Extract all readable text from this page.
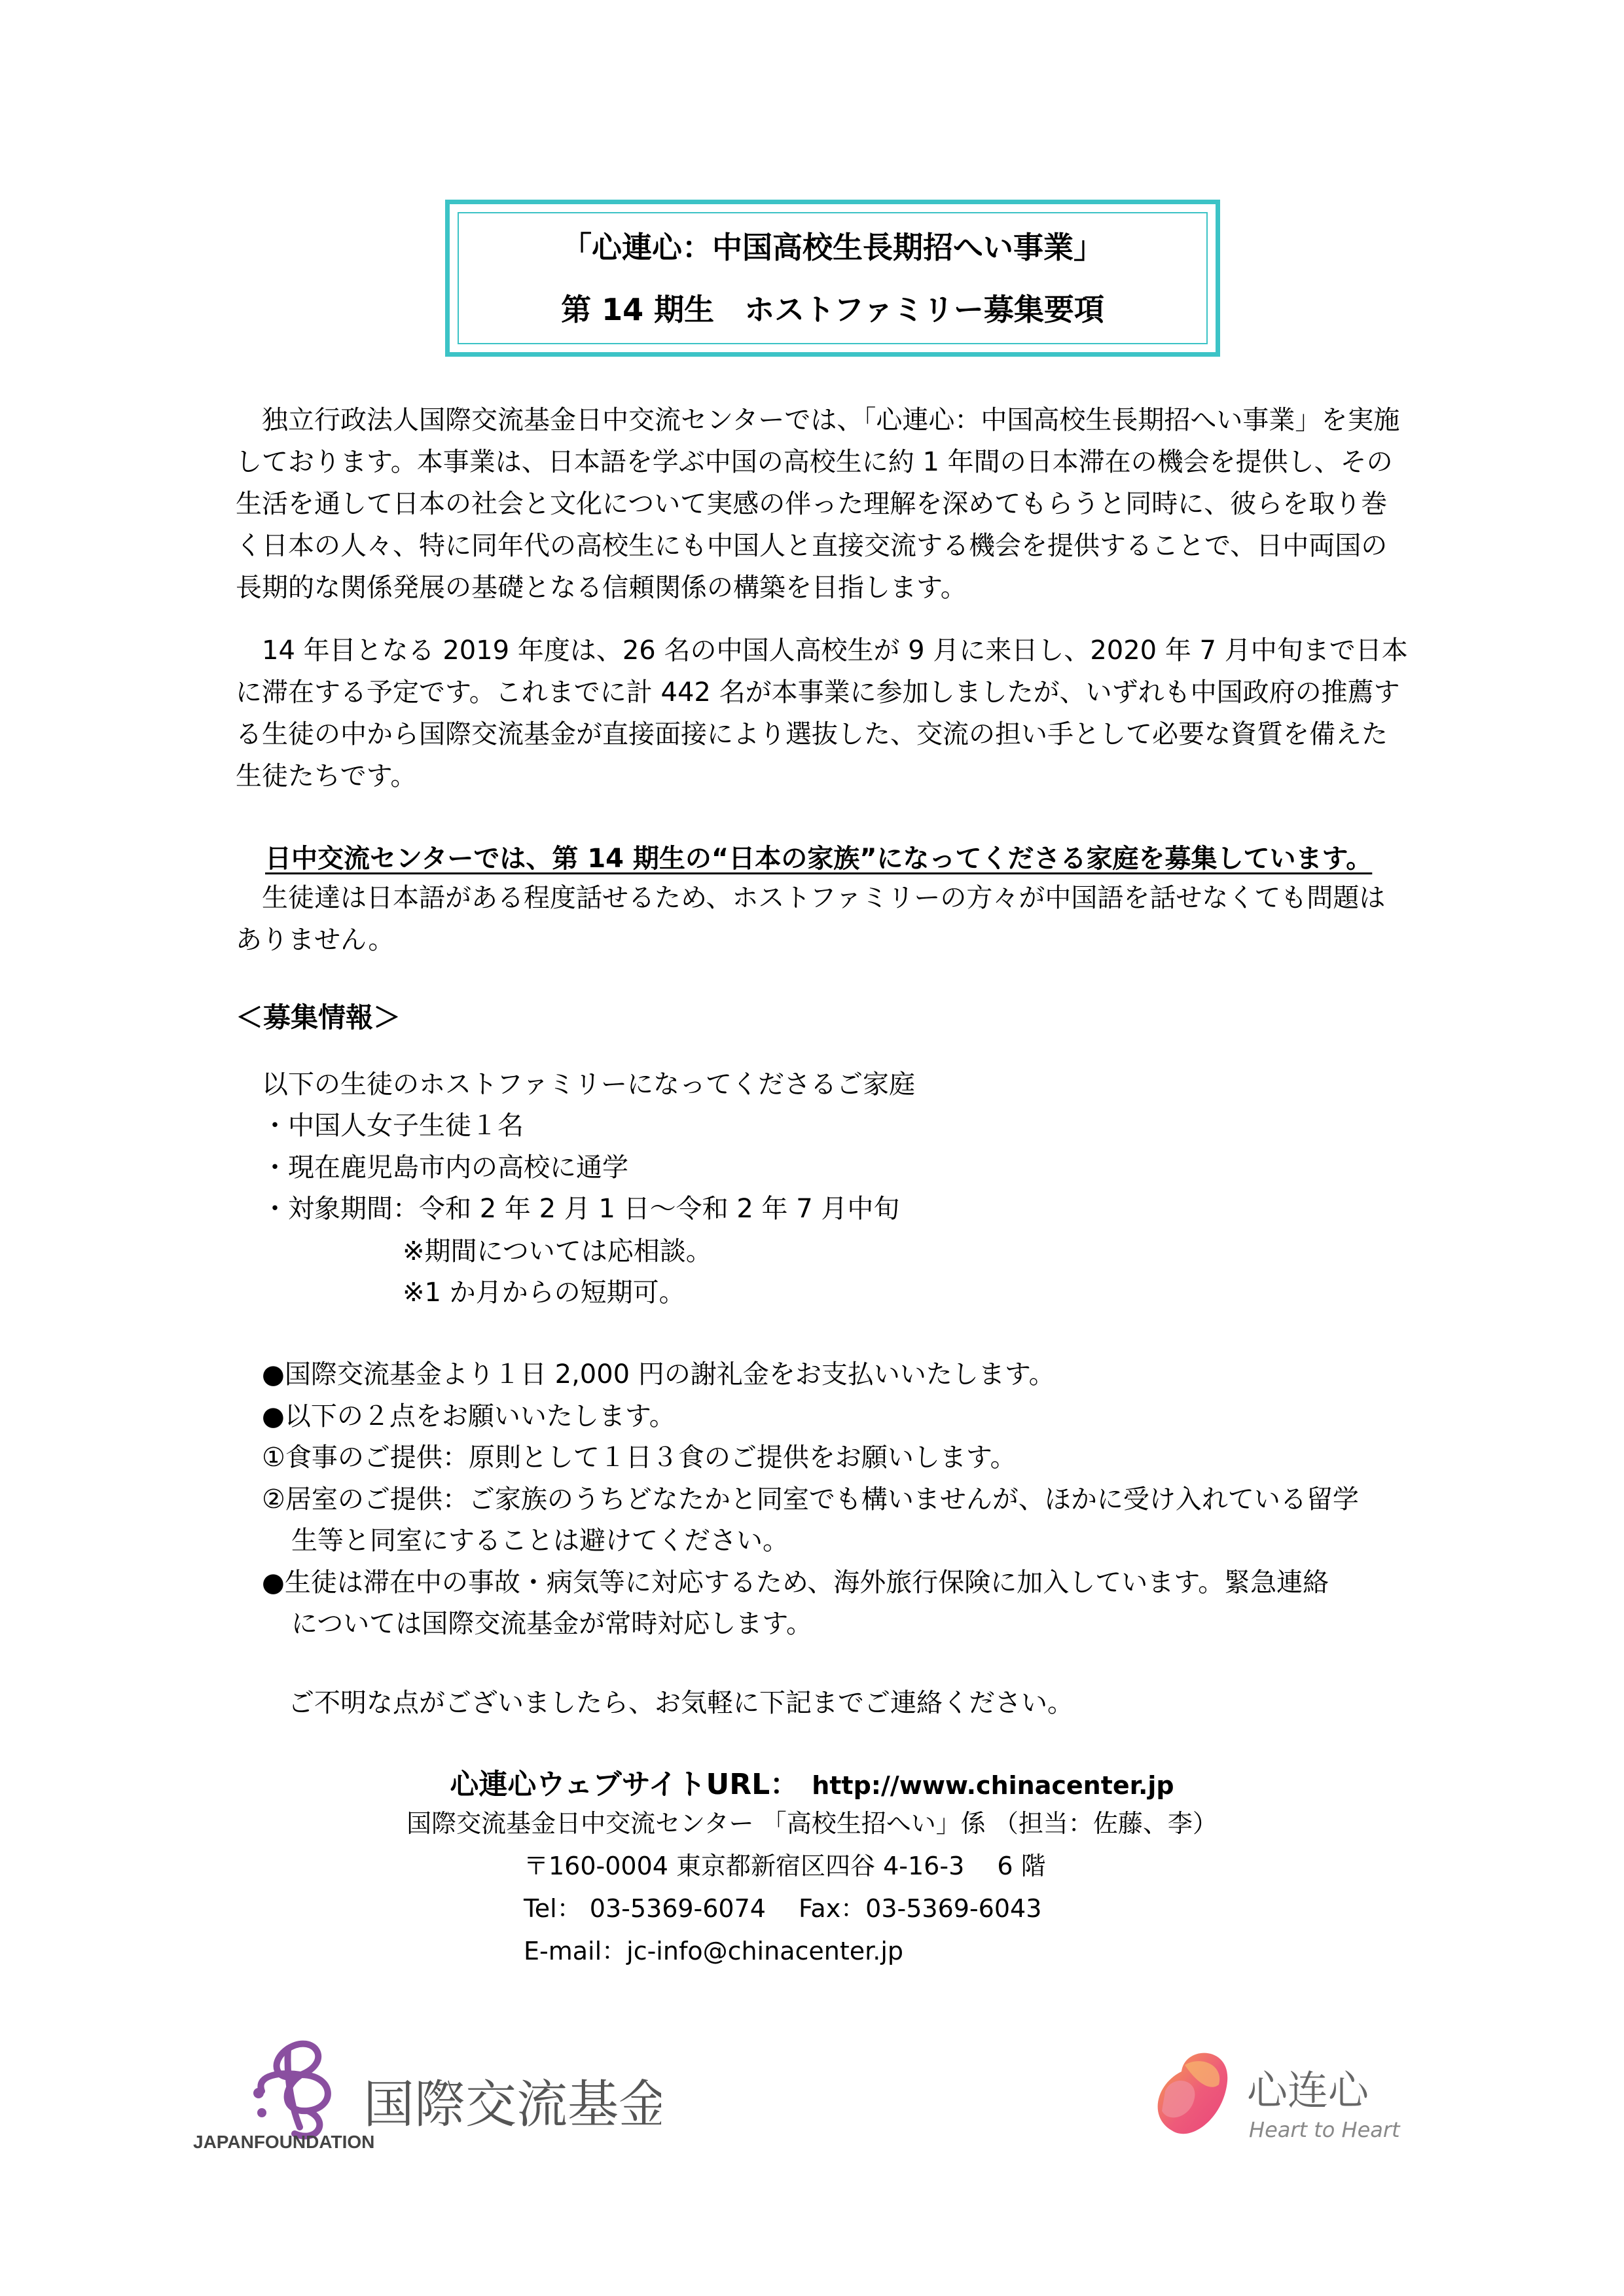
「心連心：中国高校生長期招へい事業」
第 14 期生　ホストファミリー募集要項
　独立行政法人国際交流基金日中交流センターでは、「心連心：中国高校生長期招へい事業」を実施しております。本事業は、日本語を学ぶ中国の高校生に約 1 年間の日本滞在の機会を提供し、その生活を通して日本の社会と文化について実感の伴った理解を深めてもらうと同時に、彼らを取り巻く日本の人々、特に同年代の高校生にも中国人と直接交流する機会を提供することで、日中両国の長期的な関係発展の基礎となる信頼関係の構築を目指します。
　14 年目となる 2019 年度は、26 名の中国人高校生が 9 月に来日し、2020 年 7 月中旬まで日本に滞在する予定です。これまでに計 442 名が本事業に参加しましたが、いずれも中国政府の推薦する生徒の中から国際交流基金が直接面接により選抜した、交流の担い手として必要な資質を備えた生徒たちです。
日中交流センターでは、第 14 期生の“日本の家族”になってくださる家庭を募集しています。
　生徒達は日本語がある程度話せるため、ホストファミリーの方々が中国語を話せなくても問題はありません。
＜募集情報＞
以下の生徒のホストファミリーになってくださるご家庭
・中国人女子生徒１名
・現在鹿児島市内の高校に通学
・対象期間：令和 2 年 2 月 1 日～令和 2 年 7 月中旬
※期間については応相談。
※1 か月からの短期可。
●国際交流基金より１日 2,000 円の謝礼金をお支払いいたします。
●以下の２点をお願いいたします。
①食事のご提供：原則として１日３食のご提供をお願いします。
②居室のご提供：ご家族のうちどなたかと同室でも構いませんが、ほかに受け入れている留学
生等と同室にすることは避けてください。
●生徒は滞在中の事故・病気等に対応するため、海外旅行保険に加入しています。緊急連絡
については国際交流基金が常時対応します。
ご不明な点がございましたら、お気軽に下記までご連絡ください。
心連心ウェブサイトURL： http://www.chinacenter.jp
国際交流基金日中交流センター 「高校生招へい」係 （担当：佐藤、李）
〒160-0004 東京都新宿区四谷 4-16-3　 6 階
Tel： 03-5369-6074　 Fax：03-5369-6043
E-mail：jc-info@chinacenter.jp
JAPANFOUNDATION
国際交流基金	心连心
Heart to Heart
